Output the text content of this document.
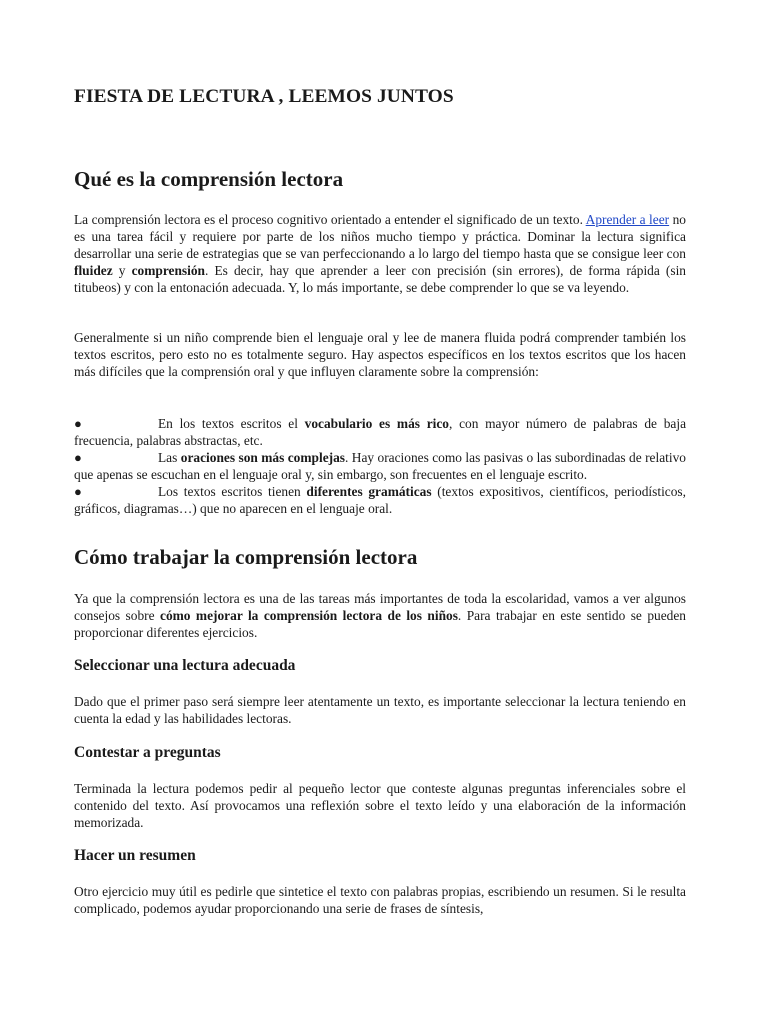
FIESTA DE LECTURA , LEEMOS JUNTOS
Qué es la comprensión lectora

La comprensión lectora es el proceso cognitivo orientado a entender el significado de un texto. Aprender a leer no es una tarea fácil y requiere por parte de los niños mucho tiempo y práctica. Dominar la lectura significa desarrollar una serie de estrategias que se van perfeccionando a lo largo del tiempo hasta que se consigue leer con fluidez y comprensión. Es decir, hay que aprender a leer con precisión (sin errores), de forma rápida (sin titubeos) y con la entonación adecuada. Y, lo más importante, se debe comprender lo que se va leyendo.

Generalmente si un niño comprende bien el lenguaje oral y lee de manera fluida podrá comprender también los textos escritos, pero esto no es totalmente seguro. Hay aspectos específicos en los textos escritos que los hacen más difíciles que la comprensión oral y que influyen claramente sobre la comprensión:

●	En los textos escritos el vocabulario es más rico, con mayor número de palabras de baja frecuencia, palabras abstractas, etc.
●	Las oraciones son más complejas. Hay oraciones como las pasivas o las subordinadas de relativo que apenas se escuchan en el lenguaje oral y, sin embargo, son frecuentes en el lenguaje escrito.
●	Los textos escritos tienen diferentes gramáticas (textos expositivos, científicos, periodísticos, gráficos, diagramas…) que no aparecen en el lenguaje oral.
Cómo trabajar la comprensión lectora

Ya que la comprensión lectora es una de las tareas más importantes de toda la escolaridad, vamos a ver algunos consejos sobre cómo mejorar la comprensión lectora de los niños. Para trabajar en este sentido se pueden proporcionar diferentes ejercicios.

Seleccionar una lectura adecuada

Dado que el primer paso será siempre leer atentamente un texto, es importante seleccionar la lectura teniendo en cuenta la edad y las habilidades lectoras.

Contestar a preguntas

Terminada la lectura podemos pedir al pequeño lector que conteste algunas preguntas inferenciales sobre el contenido del texto. Así provocamos una reflexión sobre el texto leído y una elaboración de la información memorizada.

Hacer un resumen

Otro ejercicio muy útil es pedirle que sintetice el texto con palabras propias, escribiendo un resumen. Si le resulta complicado, podemos ayudar proporcionando una serie de frases de síntesis,
